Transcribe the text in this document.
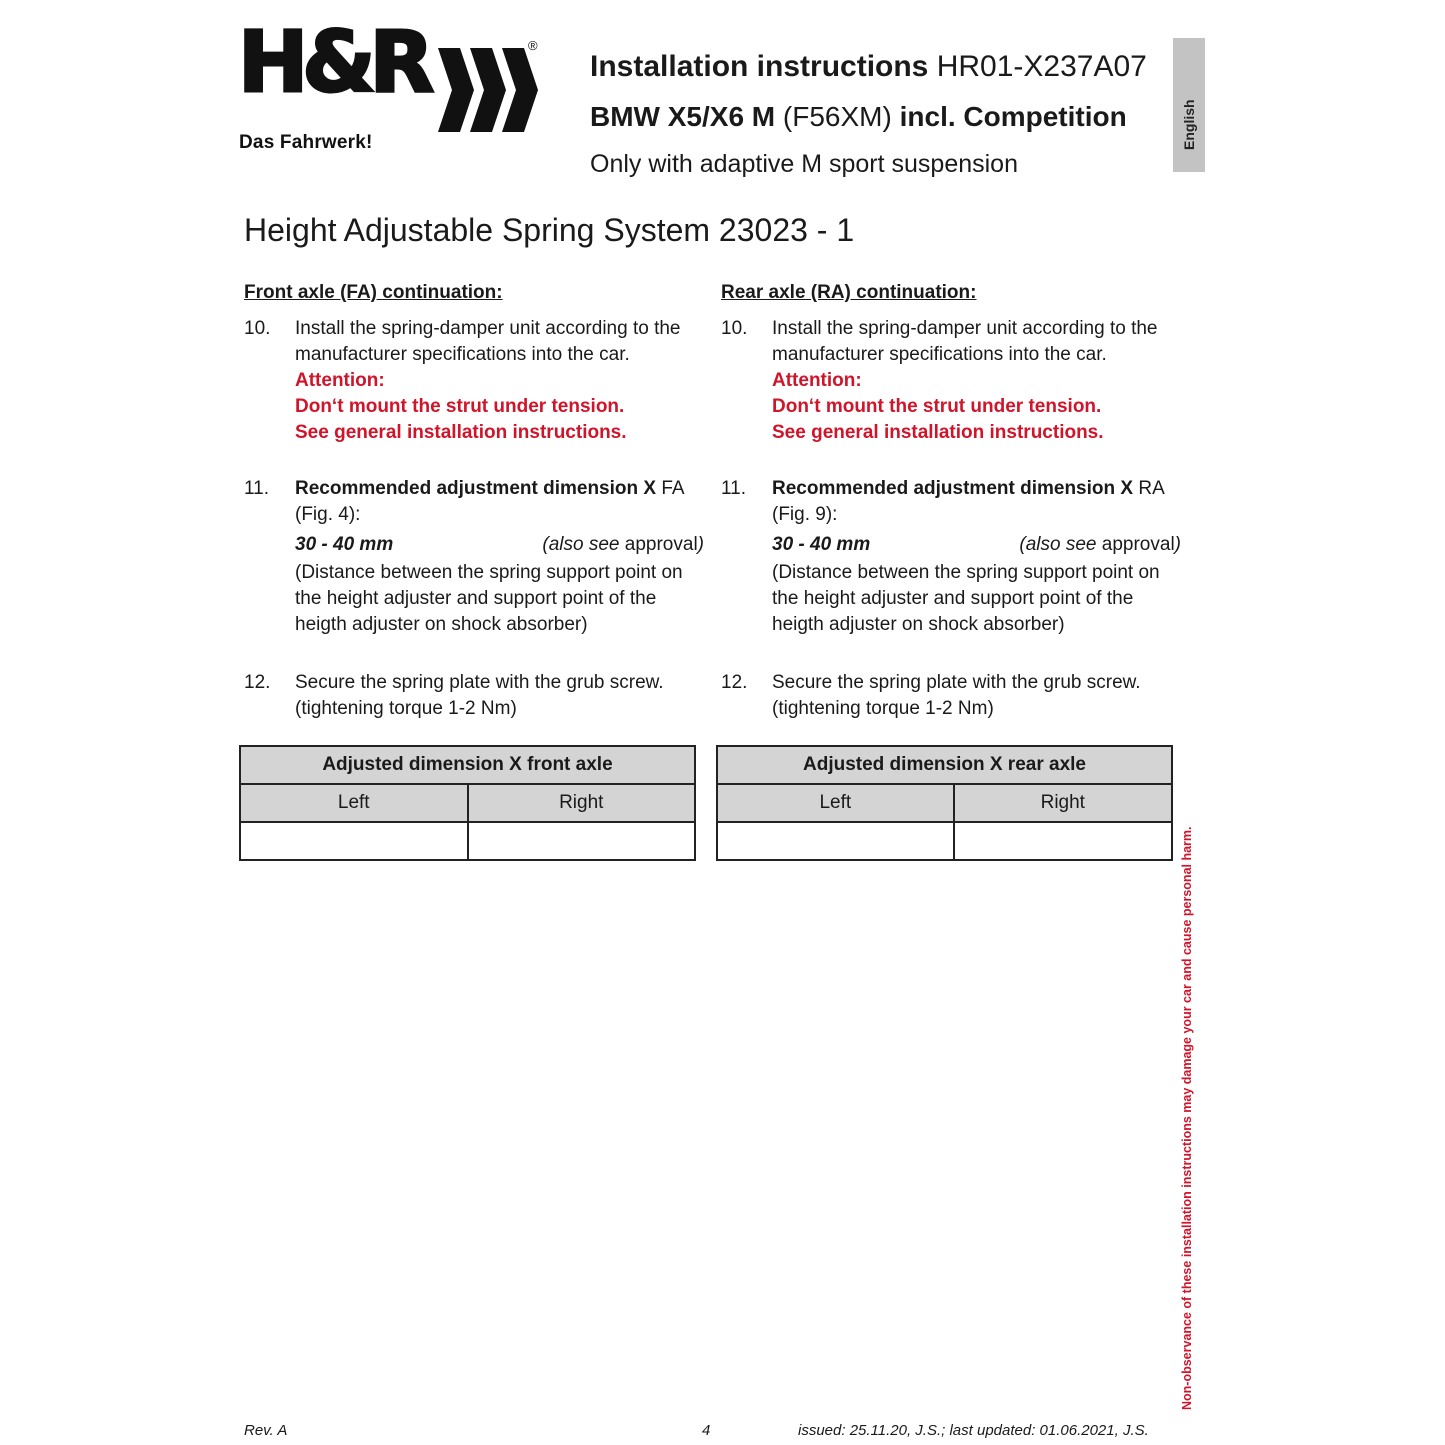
H&R	®
Das Fahrwerk!
Installation instructions HR01-X237A07
BMW X5/X6 M (F56XM) incl. Competition
Only with adaptive M sport suspension
English
Height Adjustable Spring System 23023 - 1
Front axle (FA) continuation:
10. Install the spring-damper unit according to the manufacturer specifications into the car.
Attention:
Don‘t mount the strut under tension.
See general installation instructions.
11. Recommended adjustment dimension X FA
(Fig. 4):
30 - 40 mm	(also see approval)
(Distance between the spring support point on the height adjuster and support point of the heigth adjuster on shock absorber)
12. Secure the spring plate with the grub screw. (tightening torque 1-2 Nm)
Rear axle (RA) continuation:
10. Install the spring-damper unit according to the manufacturer specifications into the car.
Attention:
Don‘t mount the strut under tension.
See general installation instructions.
11. Recommended adjustment dimension X RA
(Fig. 9):
30 - 40 mm	(also see approval)
(Distance between the spring support point on the height adjuster and support point of the heigth adjuster on shock absorber)
12. Secure the spring plate with the grub screw. (tightening torque 1-2 Nm)
Adjusted dimension X front axle	
Left	Right

Adjusted dimension X rear axle	
Left	Right

Non-observance of these installation instructions may damage your car and cause personal harm.
Rev. A	4	issued: 25.11.20, J.S.; last updated: 01.06.2021, J.S.
